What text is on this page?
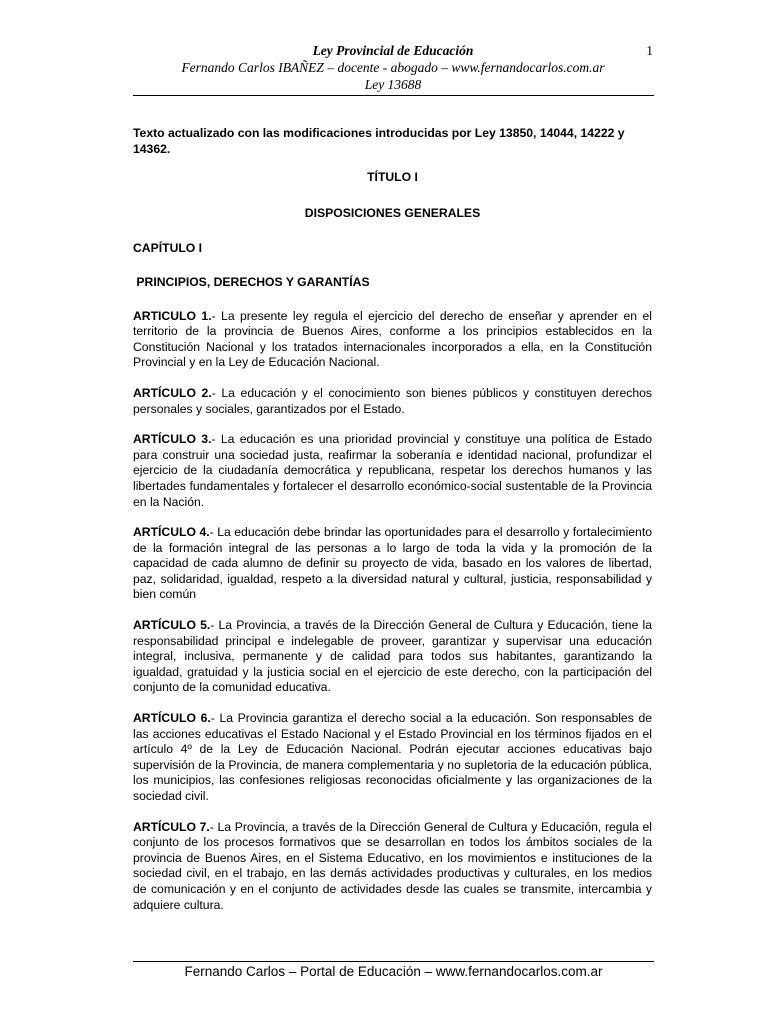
Ley Provincial de Educación
Fernando Carlos IBAÑEZ – docente - abogado – www.fernandocarlos.com.ar
Ley 13688
1

Texto actualizado con las modificaciones introducidas por Ley 13850, 14044, 14222 y 14362.

TÍTULO I

DISPOSICIONES GENERALES

CAPÍTULO I

PRINCIPIOS, DERECHOS Y GARANTÍAS

ARTICULO 1.- La presente ley regula el ejercicio del derecho de enseñar y aprender en el territorio de la provincia de Buenos Aires, conforme a los principios establecidos en la Constitución Nacional y los tratados internacionales incorporados a ella, en la Constitución Provincial y en la Ley de Educación Nacional.

ARTÍCULO 2.- La educación y el conocimiento son bienes públicos y constituyen derechos personales y sociales, garantizados por el Estado.

ARTÍCULO 3.- La educación es una prioridad provincial y constituye una política de Estado para construir una sociedad justa, reafirmar la soberanía e identidad nacional, profundizar el ejercicio de la ciudadanía democrática y republicana, respetar los derechos humanos y las libertades fundamentales y fortalecer el desarrollo económico-social sustentable de la Provincia en la Nación.

ARTÍCULO 4.- La educación debe brindar las oportunidades para el desarrollo y fortalecimiento de la formación integral de las personas a lo largo de toda la vida y la promoción de la capacidad de cada alumno de definir su proyecto de vida, basado en los valores de libertad, paz, solidaridad, igualdad, respeto a la diversidad natural y cultural, justicia, responsabilidad y bien común

ARTÍCULO 5.- La Provincia, a través de la Dirección General de Cultura y Educación, tiene la responsabilidad principal e indelegable de proveer, garantizar y supervisar una educación integral, inclusiva, permanente y de calidad para todos sus habitantes, garantizando la igualdad, gratuidad y la justicia social en el ejercicio de este derecho, con la participación del conjunto de la comunidad educativa.

ARTÍCULO 6.- La Provincia garantiza el derecho social a la educación. Son responsables de las acciones educativas el Estado Nacional y el Estado Provincial en los términos fijados en el artículo 4º de la Ley de Educación Nacional. Podrán ejecutar acciones educativas bajo supervisión de la Provincia, de manera complementaria y no supletoria de la educación pública, los municipios, las confesiones religiosas reconocidas oficialmente y las organizaciones de la sociedad civil.

ARTÍCULO 7.- La Provincia, a través de la Dirección General de Cultura y Educación, regula el conjunto de los procesos formativos que se desarrollan en todos los ámbitos sociales de la provincia de Buenos Aires, en el Sistema Educativo, en los movimientos e instituciones de la sociedad civil, en el trabajo, en las demás actividades productivas y culturales, en los medios de comunicación y en el conjunto de actividades desde las cuales se transmite, intercambia y adquiere cultura.

Fernando Carlos – Portal de Educación – www.fernandocarlos.com.ar
